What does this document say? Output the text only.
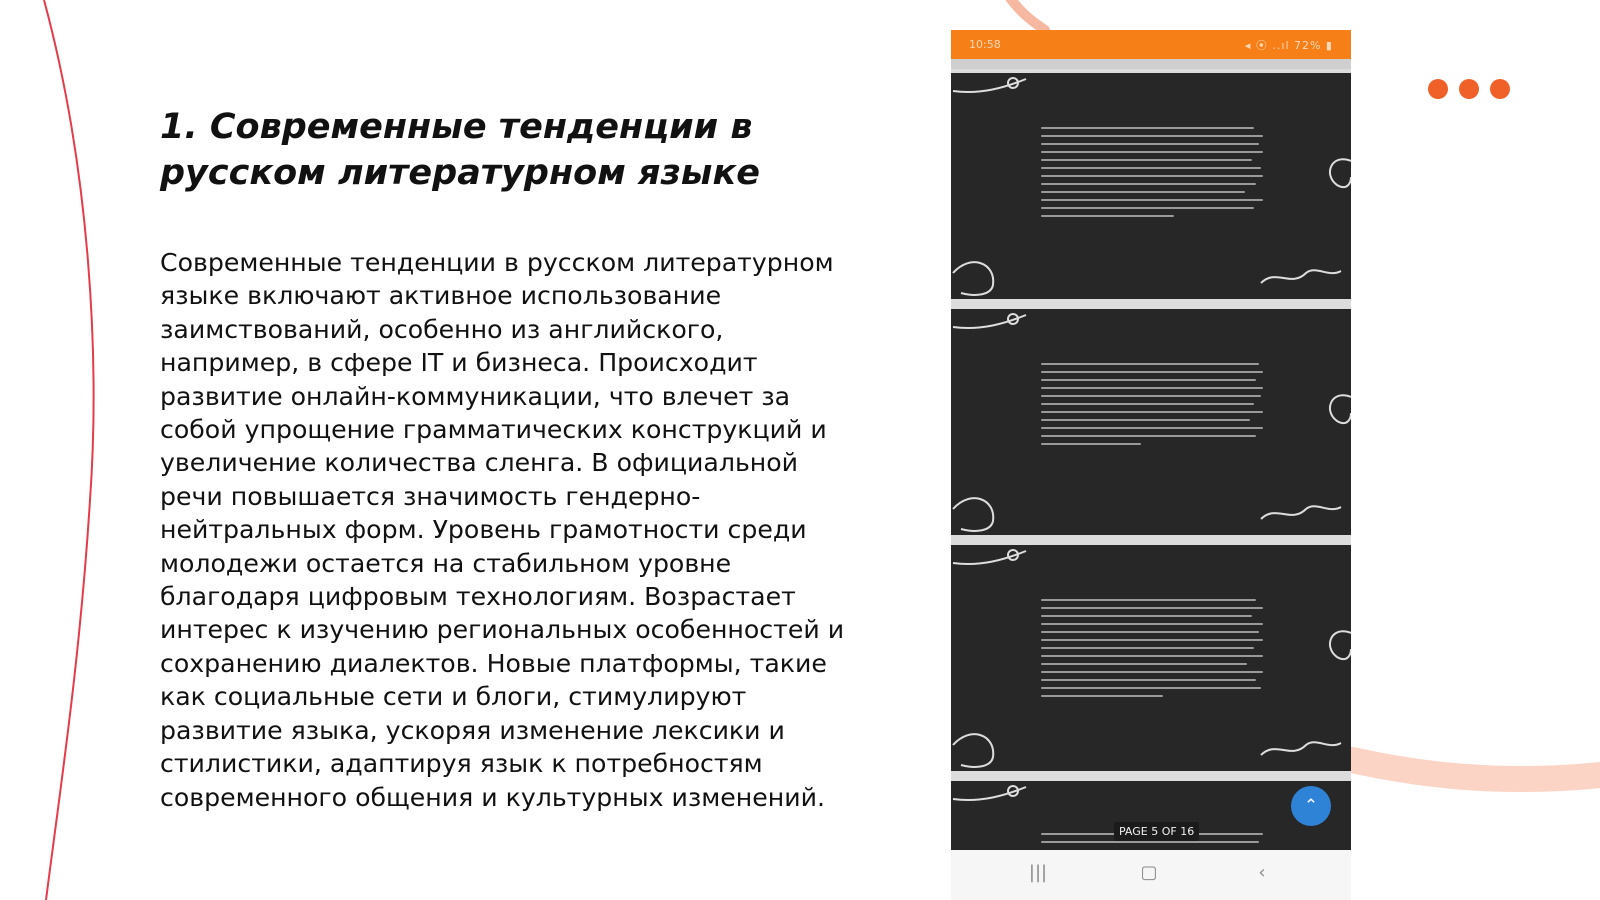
1. Современные тенденции в русском литературном языке

Современные тенденции в русском литературном языке включают активное использование заимствований, особенно из английского, например, в сфере IT и бизнеса. Происходит развитие онлайн-коммуникации, что влечет за собой упрощение грамматических конструкций и увеличение количества сленга. В официальной речи повышается значимость гендерно-нейтральных форм. Уровень грамотности среди молодежи остается на стабильном уровне благодаря цифровым технологиям. Возрастает интерес к изучению региональных особенностей и сохранению диалектов. Новые платформы, такие как социальные сети и блоги, стимулируют развитие языка, ускоряя изменение лексики и стилистики, адаптируя язык к потребностям современного общения и культурных изменений.

10:58	◂ ⦿ ..ıl 72% ▮
PAGE 5 OF 16
⌃
|||	▢	‹
